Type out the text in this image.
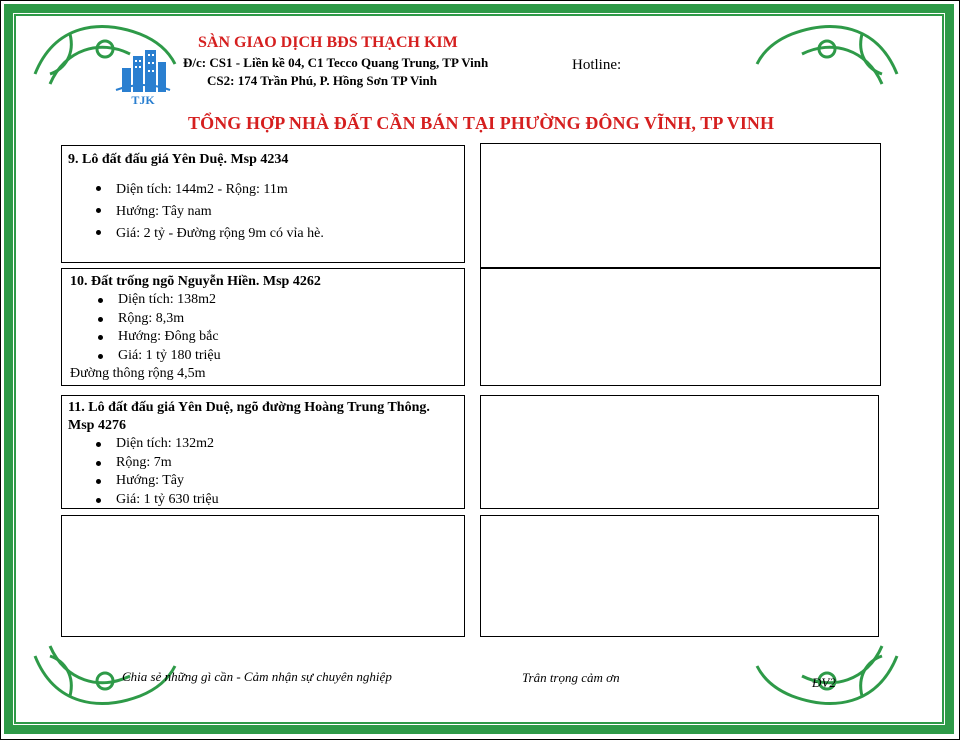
TJK
SÀN GIAO DỊCH BĐS THẠCH KIM
Đ/c: CS1 - Liền kề 04, C1 Tecco Quang Trung, TP Vinh
CS2: 174 Trần Phú, P. Hồng Sơn TP Vinh
Hotline:
TỔNG HỢP NHÀ ĐẤT CẦN BÁN TẠI PHƯỜNG ĐÔNG VĨNH, TP VINH
9. Lô đất đấu giá Yên Duệ. Msp 4234
Diện tích: 144m2 - Rộng: 11m
Hướng: Tây nam
Giá: 2 tỷ - Đường rộng 9m có vỉa hè.
10. Đất trống ngõ Nguyễn Hiền. Msp 4262
Diện tích: 138m2
Rộng: 8,3m
Hướng: Đông bắc
Giá: 1 tỷ 180 triệu
Đường thông rộng 4,5m
11. Lô đất đấu giá Yên Duệ, ngõ đường Hoàng Trung Thông. Msp 4276
Diện tích: 132m2
Rộng: 7m
Hướng: Tây
Giá: 1 tỷ 630 triệu
Chia sẻ những gì cần - Cảm nhận sự chuyên nghiệp	Trân trọng cảm ơn	ĐV2
